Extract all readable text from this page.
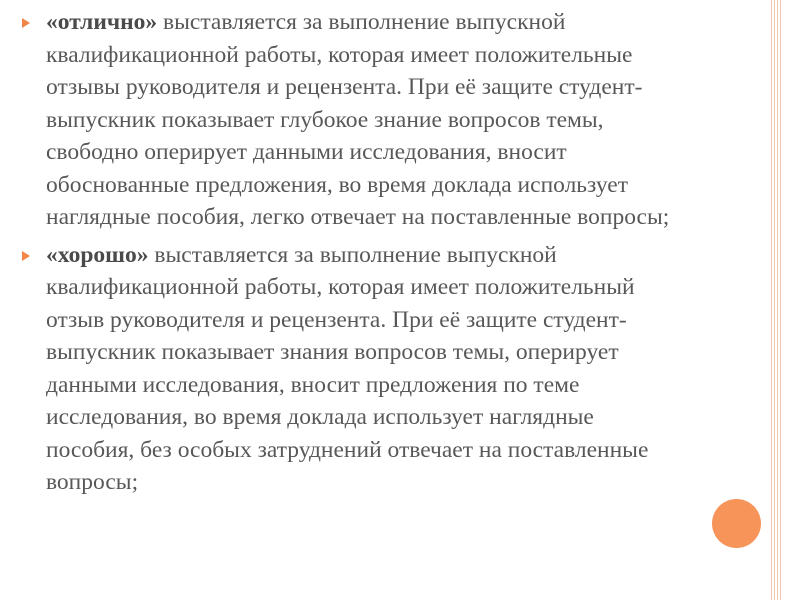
«отлично» выставляется за выполнение выпускной
квалификационной работы, которая имеет положительные
отзывы руководителя и рецензента. При её защите студент-
выпускник показывает глубокое знание вопросов темы,
свободно оперирует данными исследования, вносит
обоснованные предложения, во время доклада использует
наглядные пособия, легко отвечает на поставленные вопросы;
«хорошо» выставляется за выполнение выпускной
квалификационной работы, которая имеет положительный
отзыв руководителя и рецензента. При её защите студент-
выпускник показывает знания вопросов темы, оперирует
данными исследования, вносит предложения по теме
исследования, во время доклада использует наглядные
пособия, без особых затруднений отвечает на поставленные
вопросы;
